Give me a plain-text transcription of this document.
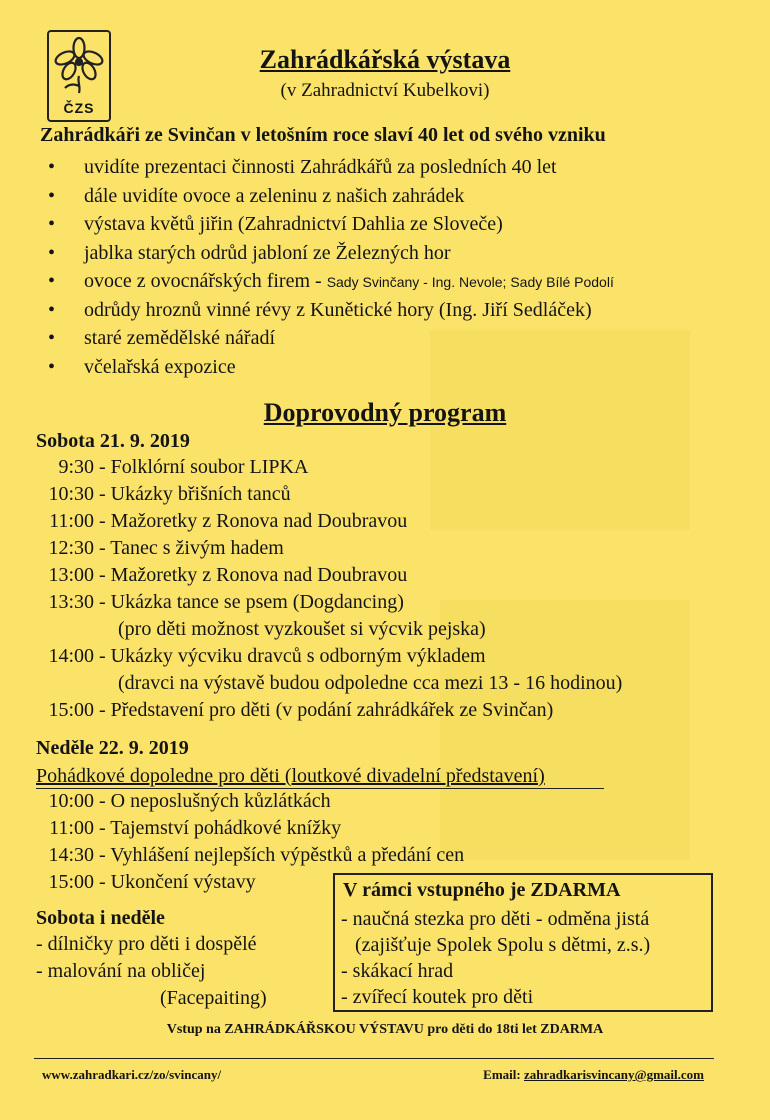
ČZS
Zahrádkářská výstava
(v Zahradnictví Kubelkovi)
Zahrádkáři ze Svinčan v letošním roce slaví 40 let od svého vzniku
• uvidíte prezentaci činnosti Zahrádkářů za posledních 40 let
• dále uvidíte ovoce a zeleninu z našich zahrádek
• výstava květů jiřin (Zahradnictví Dahlia ze Sloveče)
• jablka starých odrůd jabloní ze Železných hor
• ovoce z ovocnářských firem - Sady Svinčany - Ing. Nevole; Sady Bílé Podolí
• odrůdy hroznů vinné révy z Kunětické hory (Ing. Jiří Sedláček)
• staré zemědělské nářadí
• včelařská expozice
Doprovodný program
Sobota 21. 9. 2019
9:30 - Folklórní soubor LIPKA
10:30 - Ukázky břišních tanců
11:00 - Mažoretky z Ronova nad Doubravou
12:30 - Tanec s živým hadem
13:00 - Mažoretky z Ronova nad Doubravou
13:30 - Ukázka tance se psem (Dogdancing)
(pro děti možnost vyzkoušet si výcvik pejska)
14:00 - Ukázky výcviku dravců s odborným výkladem
(dravci na výstavě budou odpoledne cca mezi 13 - 16 hodinou)
15:00 - Představení pro děti (v podání zahrádkářek ze Svinčan)
Neděle 22. 9. 2019
Pohádkové dopoledne pro děti (loutkové divadelní představení)
10:00 - O neposlušných kůzlátkách
11:00 - Tajemství pohádkové knížky
14:30 - Vyhlášení nejlepších výpěstků a předání cen
15:00 - Ukončení výstavy
Sobota i neděle
- dílničky pro děti i dospělé
- malování na obličej
(Facepaiting)
V rámci vstupného je ZDARMA
- naučná stezka pro děti - odměna jistá
(zajišťuje Spolek Spolu s dětmi, z.s.)
- skákací hrad
- zvířecí koutek pro děti
Vstup na ZAHRÁDKÁŘSKOU VÝSTAVU pro děti do 18ti let ZDARMA
www.zahradkari.cz/zo/svincany/	Email: zahradkarisvincany@gmail.com
